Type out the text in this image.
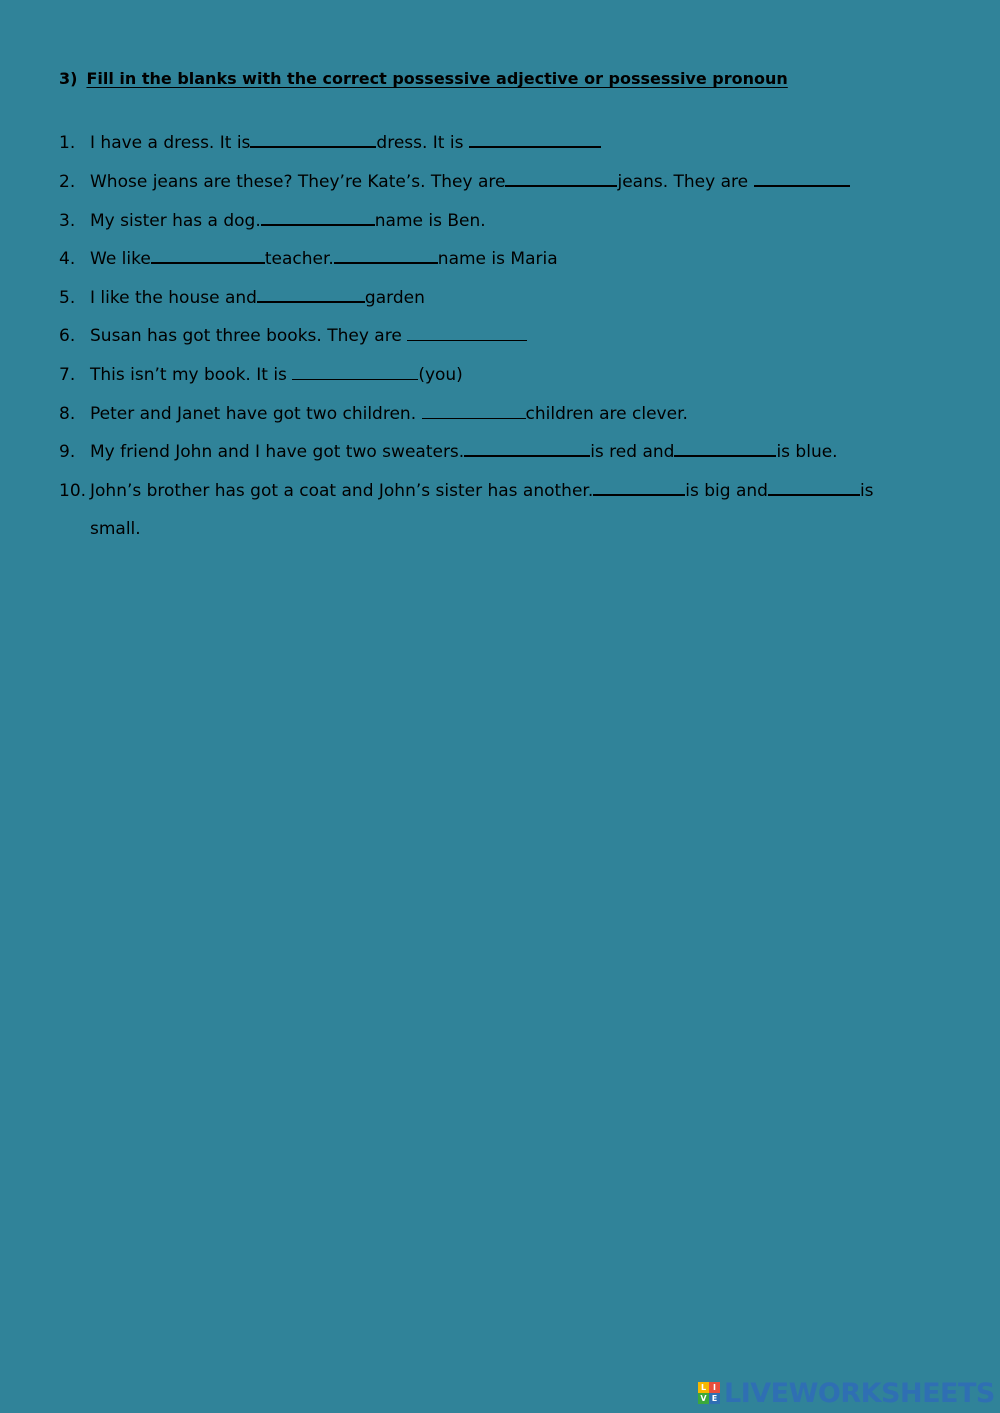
3) Fill in the blanks with the correct possessive adjective or possessive pronoun
1. I have a dress. It is	dress. It is
2. Whose jeans are these? They’re Kate’s. They are	jeans. They are
3. My sister has a dog.	name is Ben.
4. We like	teacher.	name is Maria
5. I like the house and	garden
6. Susan has got three books. They are
7. This isn’t my book. It is	(you)
8. Peter and Janet have got two children.	children are clever.
9. My friend John and I have got two sweaters.	is red and	is blue.
10. John’s brother has got a coat and John’s sister has another.	is big and	is
small.
L I
V E LIVEWORKSHEETS
